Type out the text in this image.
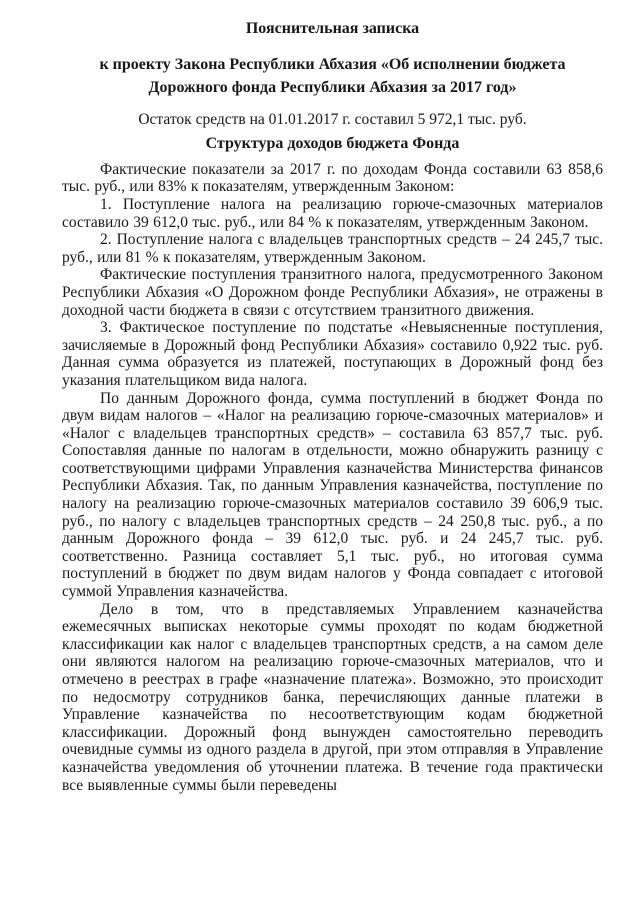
Пояснительная записка
к проекту Закона Республики Абхазия «Об исполнении бюджета Дорожного фонда Республики Абхазия за 2017 год»
Остаток средств на 01.01.2017 г. составил 5 972,1 тыс. руб.
Структура доходов бюджета Фонда

Фактические показатели за 2017 г. по доходам Фонда составили 63 858,6 тыс. руб., или 83% к показателям, утвержденным Законом:

1. Поступление налога на реализацию горюче-смазочных материалов составило 39 612,0 тыс. руб., или 84 % к показателям, утвержденным Законом.

2. Поступление налога с владельцев транспортных средств – 24 245,7 тыс. руб., или 81 % к показателям, утвержденным Законом.

Фактические поступления транзитного налога, предусмотренного Законом Республики Абхазия «О Дорожном фонде Республики Абхазия», не отражены в доходной части бюджета в связи с отсутствием транзитного движения.

3. Фактическое поступление по подстатье «Невыясненные поступления, зачисляемые в Дорожный фонд Республики Абхазия» составило 0,922 тыс. руб. Данная сумма образуется из платежей, поступающих в Дорожный фонд без указания плательщиком вида налога.

По данным Дорожного фонда, сумма поступлений в бюджет Фонда по двум видам налогов – «Налог на реализацию горюче-смазочных материалов» и «Налог с владельцев транспортных средств» – составила 63 857,7 тыс. руб. Сопоставляя данные по налогам в отдельности, можно обнаружить разницу с соответствующими цифрами Управления казначейства Министерства финансов Республики Абхазия. Так, по данным Управления казначейства, поступление по налогу на реализацию горюче-смазочных материалов составило 39 606,9 тыс. руб., по налогу с владельцев транспортных средств – 24 250,8 тыс. руб., а по данным Дорожного фонда – 39 612,0 тыс. руб. и 24 245,7 тыс. руб. соответственно. Разница составляет 5,1 тыс. руб., но итоговая сумма поступлений в бюджет по двум видам налогов у Фонда совпадает с итоговой суммой Управления казначейства.

Дело в том, что в представляемых Управлением казначейства ежемесячных выписках некоторые суммы проходят по кодам бюджетной классификации как налог с владельцев транспортных средств, а на самом деле они являются налогом на реализацию горюче-смазочных материалов, что и отмечено в реестрах в графе «назначение платежа». Возможно, это происходит по недосмотру сотрудников банка, перечисляющих данные платежи в Управление казначейства по несоответствующим кодам бюджетной классификации. Дорожный фонд вынужден самостоятельно переводить очевидные суммы из одного раздела в другой, при этом отправляя в Управление казначейства уведомления об уточнении платежа. В течение года практически все выявленные суммы были переведены
